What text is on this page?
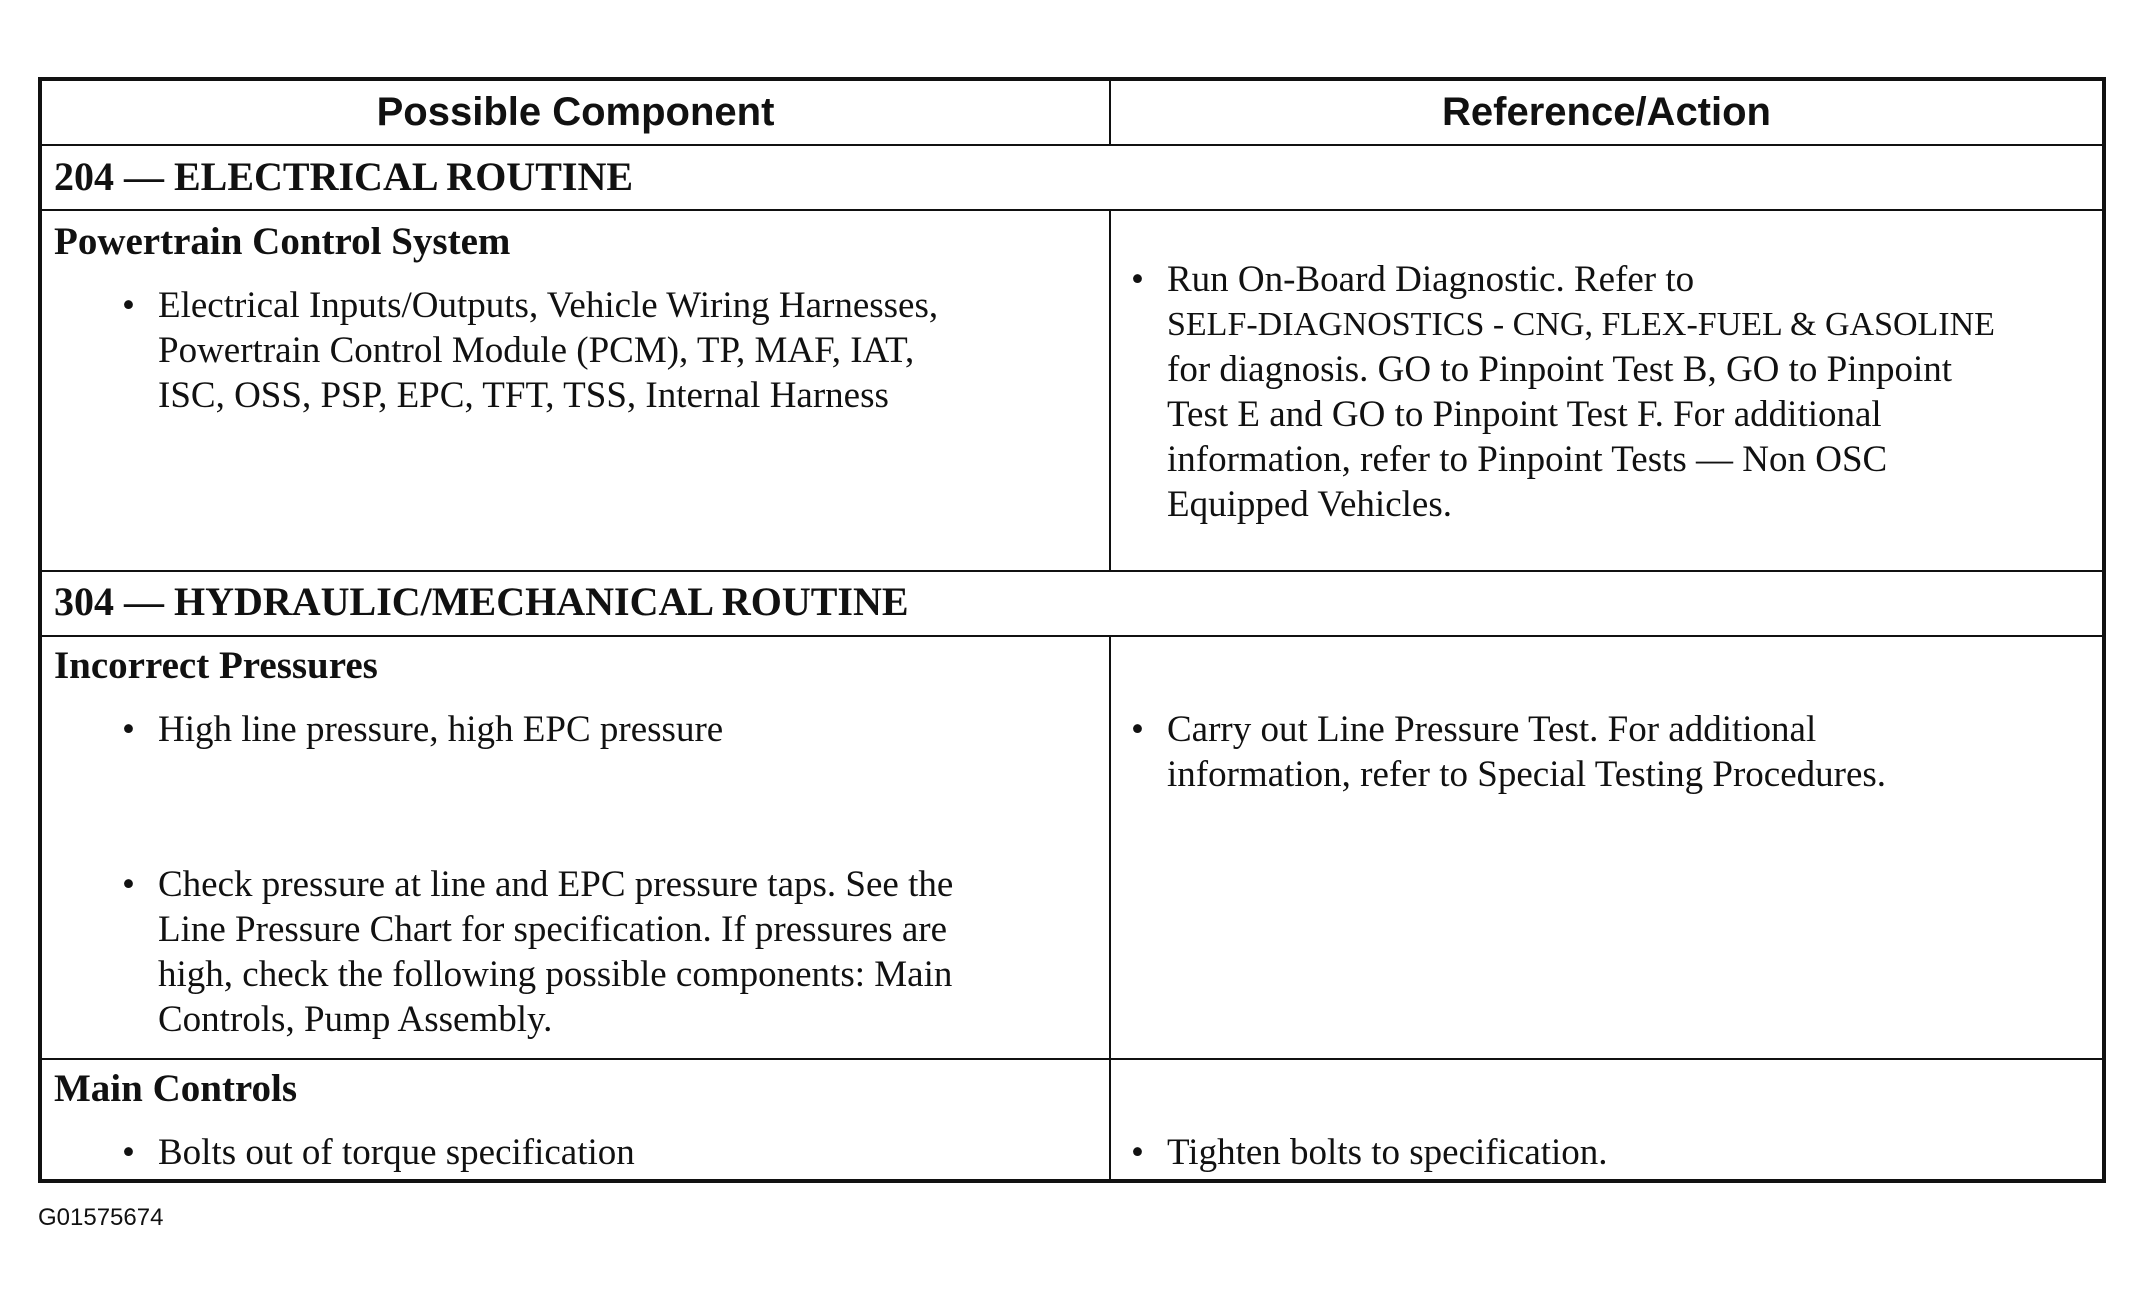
Possible Component	Reference/Action
204 — ELECTRICAL ROUTINE
Powertrain Control System
• Electrical Inputs/Outputs, Vehicle Wiring Harnesses,
Powertrain Control Module (PCM), TP, MAF, IAT,
ISC, OSS, PSP, EPC, TFT, TSS, Internal Harness
• Run On-Board Diagnostic. Refer to
SELF-DIAGNOSTICS - CNG, FLEX-FUEL & GASOLINE
for diagnosis. GO to Pinpoint Test B, GO to Pinpoint
Test E and GO to Pinpoint Test F. For additional
information, refer to Pinpoint Tests — Non OSC
Equipped Vehicles.
304 — HYDRAULIC/MECHANICAL ROUTINE
Incorrect Pressures
• High line pressure, high EPC pressure
• Check pressure at line and EPC pressure taps. See the
Line Pressure Chart for specification. If pressures are
high, check the following possible components: Main
Controls, Pump Assembly.
• Carry out Line Pressure Test. For additional
information, refer to Special Testing Procedures.
Main Controls
• Bolts out of torque specification	• Tighten bolts to specification.
G01575674
